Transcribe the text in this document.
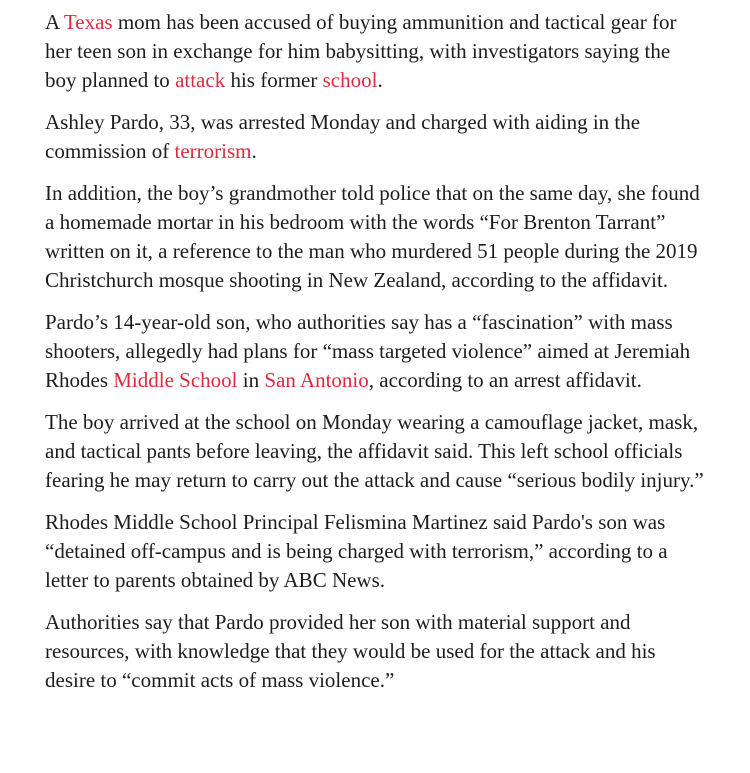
A Texas mom has been accused of buying ammunition and tactical gear for her teen son in exchange for him babysitting, with investigators saying the boy planned to attack his former school.

Ashley Pardo, 33, was arrested Monday and charged with aiding in the commission of terrorism.

In addition, the boy’s grandmother told police that on the same day, she found a homemade mortar in his bedroom with the words “For Brenton Tarrant” written on it, a reference to the man who murdered 51 people during the 2019 Christchurch mosque shooting in New Zealand, according to the affidavit.

Pardo’s 14-year-old son, who authorities say has a “fascination” with mass shooters, allegedly had plans for “mass targeted violence” aimed at Jeremiah Rhodes Middle School in San Antonio, according to an arrest affidavit.

The boy arrived at the school on Monday wearing a camouflage jacket, mask, and tactical pants before leaving, the affidavit said. This left school officials fearing he may return to carry out the attack and cause “serious bodily injury.”

Rhodes Middle School Principal Felismina Martinez said Pardo's son was “detained off-campus and is being charged with terrorism,” according to a letter to parents obtained by ABC News.

Authorities say that Pardo provided her son with material support and resources, with knowledge that they would be used for the attack and his desire to “commit acts of mass violence.”
